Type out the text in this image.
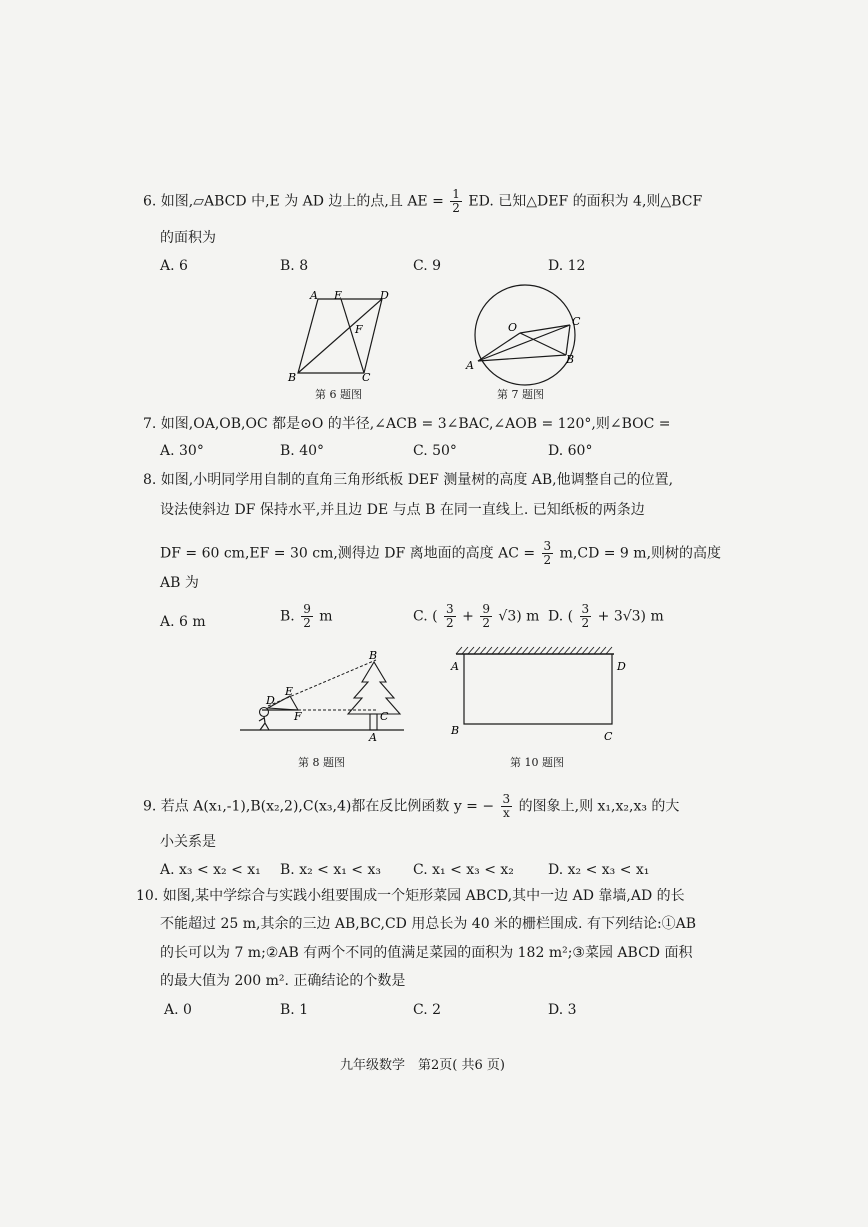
6. 如图,▱ABCD 中,E 为 AD 边上的点,且 AE = $\frac{1}{2}$ ED. 已知△DEF 的面积为 4,则△BCF
的面积为
A. 6	B. 8	C. 9	D. 12
A E	D
F
B	C
第 6 题图
O	C
A	B
第 7 题图
7. 如图,OA,OB,OC 都是⊙O 的半径,∠ACB = 3∠BAC,∠AOB = 120°,则∠BOC =
A. 30°	B. 40°	C. 50°	D. 60°
8. 如图,小明同学用自制的直角三角形纸板 DEF 测量树的高度 AB,他调整自己的位置,
设法使斜边 DF 保持水平,并且边 DE 与点 B 在同一直线上. 已知纸板的两条边
DF = 60 cm,EF = 30 cm,测得边 DF 离地面的高度 AC = $\frac{3}{2} m,CD = 9$ m,则树的高度
AB 为
A. 6 m	B. $\frac{9}{2}$ m	C. ( $\frac{3}{2} + \frac{9}{2} √3$) m D. ( $\frac{3}{2} + 3√3$) m
B
D
E
F	C
A
第 8 题图
A	D
B	C
第 10 题图
9. 若点 A(x₁,-1),B(x₂,2),C(x₃,4)都在反比例函数 y = − $\frac{3}{x}$ 的图象上,则 x₁,x₂,x₃ 的大
小关系是
A. x₃ < x₂ < x₁ B. x₂ < x₁ < x₃ C. x₁ < x₃ < x₂ D. x₂ < x₃ < x₁
10. 如图,某中学综合与实践小组要围成一个矩形菜园 ABCD,其中一边 AD 靠墙,AD 的长
不能超过 25 m,其余的三边 AB,BC,CD 用总长为 40 米的栅栏围成. 有下列结论:①AB
的长可以为 7 m;②AB 有两个不同的值满足菜园的面积为 182 m²;③菜园 ABCD 面积
的最大值为 200 m². 正确结论的个数是
A. 0	B. 1	C. 2	D. 3
九年级数学　第2页( 共6 页)
